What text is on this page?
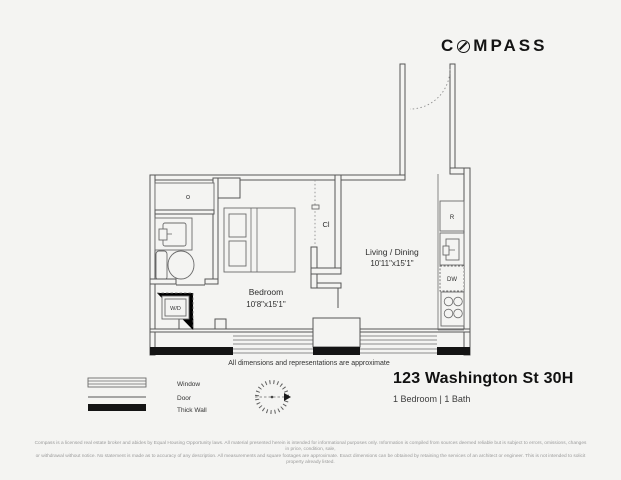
C MPASS
W/D
Bedroom
10'8"x15'1"
Cl
R
DW
Living / Dining
10'11"x15'1"
All dimensions and representations are approximate
Window
Door
Thick Wall
123 Washington St 30H

1 Bedroom | 1 Bath

Compass is a licensed real estate broker and abides by Equal Housing Opportunity laws. All material presented herein is intended for informational purposes only. Information is compiled from sources deemed reliable but is subject to errors, omissions, changes in price, condition, sale,
or withdrawal without notice. No statement is made as to accuracy of any description. All measurements and square footages are approximate. Exact dimensions can be obtained by retaining the services of an architect or engineer. This is not intended to solicit property already listed.
